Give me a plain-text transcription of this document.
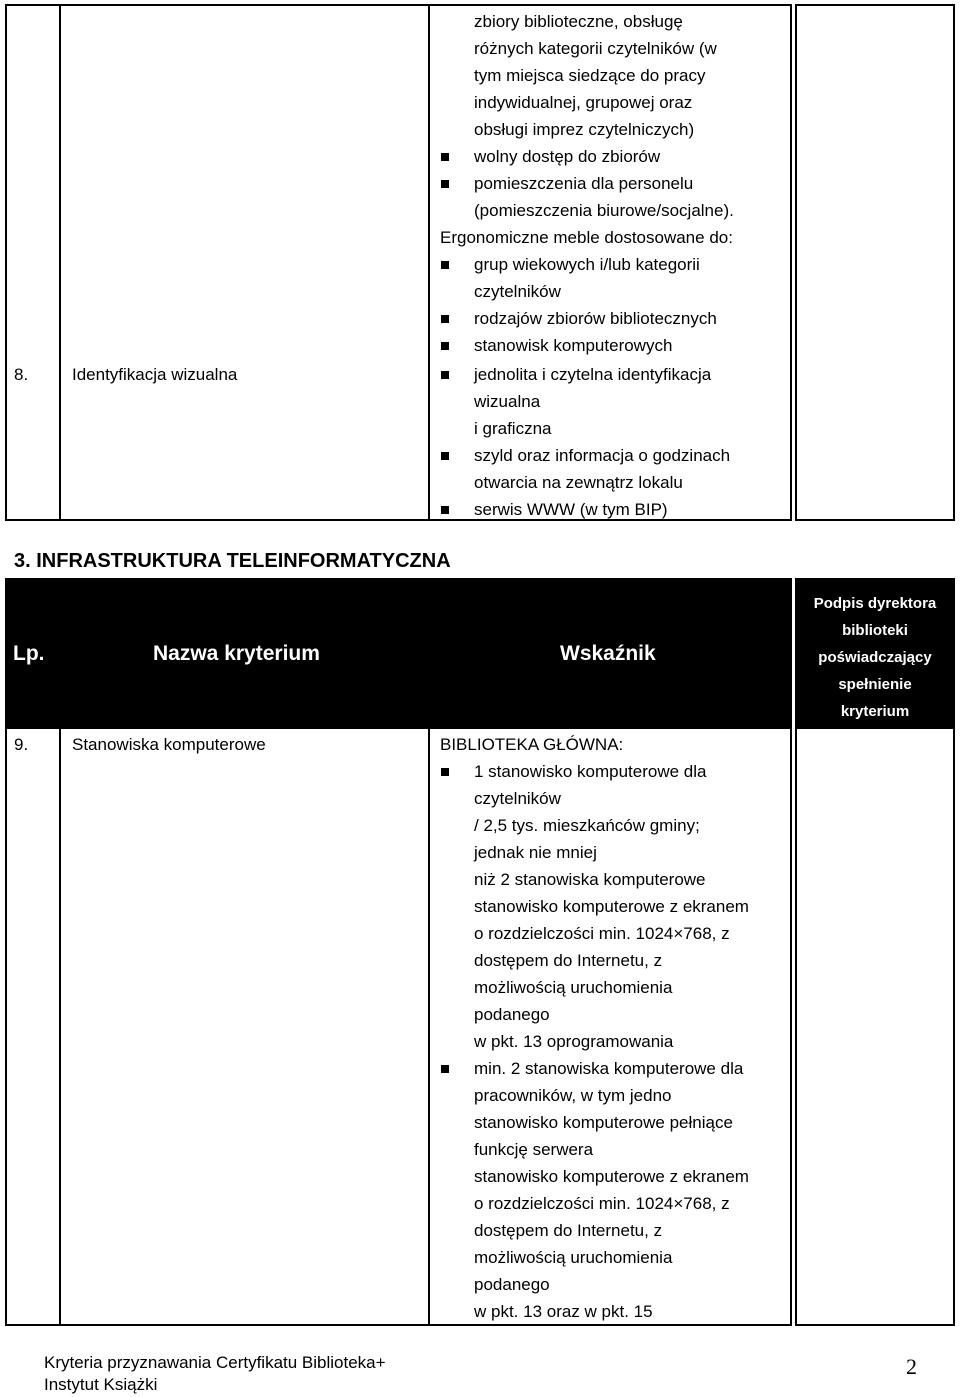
zbiory biblioteczne, obsługę
różnych kategorii czytelników (w
tym miejsca siedzące do pracy
indywidualnej, grupowej oraz
obsługi imprez czytelniczych)
wolny dostęp do zbiorów
pomieszczenia dla personelu
(pomieszczenia biurowe/socjalne).
Ergonomiczne meble dostosowane do:
grup wiekowych i/lub kategorii
czytelników
rodzajów zbiorów bibliotecznych
stanowisk komputerowych
8.	Identyfikacja wizualna	jednolita i czytelna identyfikacja
wizualna
i graficzna
szyld oraz informacja o godzinach
otwarcia na zewnątrz lokalu
serwis WWW (w tym BIP)
3. INFRASTRUKTURA TELEINFORMATYCZNA
Lp.	Nazwa kryterium	Wskaźnik
Podpis dyrektora
biblioteki
poświadczający
spełnienie
kryterium
9.	Stanowiska komputerowe	BIBLIOTEKA GŁÓWNA:
1 stanowisko komputerowe dla
czytelników
/ 2,5 tys. mieszkańców gminy;
jednak nie mniej
niż 2 stanowiska komputerowe
stanowisko komputerowe z ekranem
o rozdzielczości min. 1024×768, z
dostępem do Internetu, z
możliwością uruchomienia
podanego
w pkt. 13 oprogramowania
min. 2 stanowiska komputerowe dla
pracowników, w tym jedno
stanowisko komputerowe pełniące
funkcję serwera
stanowisko komputerowe z ekranem
o rozdzielczości min. 1024×768, z
dostępem do Internetu, z
możliwością uruchomienia
podanego
w pkt. 13 oraz w pkt. 15
Kryteria przyznawania Certyfikatu Biblioteka+
Instytut Książki
2
